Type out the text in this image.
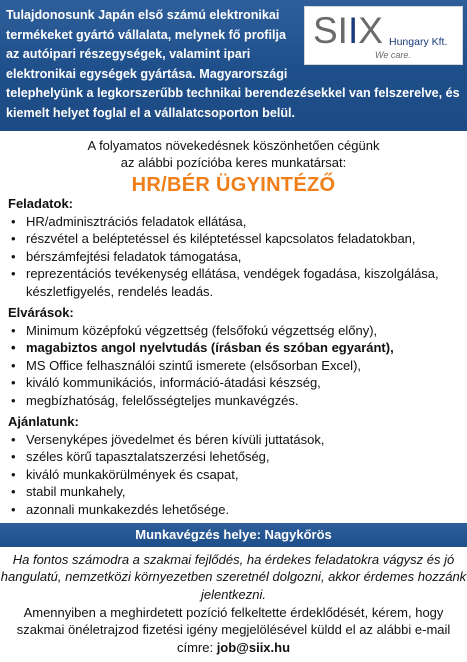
Tulajdonosunk Japán első számú elektronikai termékeket gyártó vállalata, melynek fő profilja az autóipari részegységek, valamint ipari elektronikai egységek gyártása. Magyarországi telephelyünk a legkorszerűbb technikai berendezésekkel van felszerelve, és kiemelt helyet foglal el a vállalatcsoporton belül.

SIIX Hungary Kft.
We care.
A folyamatos növekedésnek köszönhetően cégünk
az alábbi pozícióba keres munkatársat:
HR/BÉR ÜGYINTÉZŐ
Feladatok:
• HR/adminisztrációs feladatok ellátása,
• részvétel a beléptetéssel és kiléptetéssel kapcsolatos feladatokban,
• bérszámfejtési feladatok támogatása,
• reprezentációs tevékenység ellátása, vendégek fogadása, kiszolgálása, készletfigyelés, rendelés leadás.
Elvárások:
• Minimum középfokú végzettség (felsőfokú végzettség előny),
• magabiztos angol nyelvtudás (írásban és szóban egyaránt),
• MS Office felhasználói szintű ismerete (elsősorban Excel),
• kiváló kommunikációs, információ-átadási készség,
• megbízhatóság, felelősségteljes munkavégzés.
Ajánlatunk:
• Versenyképes jövedelmet és béren kívüli juttatások,
• széles körű tapasztalatszerzési lehetőség,
• kiváló munkakörülmények és csapat,
• stabil munkahely,
• azonnali munkakezdés lehetősége.
Munkavégzés helye: Nagykőrös

Ha fontos számodra a szakmai fejlődés, ha érdekes feladatokra vágysz és jó hangulatú, nemzetközi környezetben szeretnél dolgozni, akkor érdemes hozzánk jelentkezni.

Amennyiben a meghirdetett pozíció felkeltette érdeklődését, kérem, hogy szakmai önéletrajzod fizetési igény megjelölésével küldd el az alábbi e-mail címre: job@siix.hu
